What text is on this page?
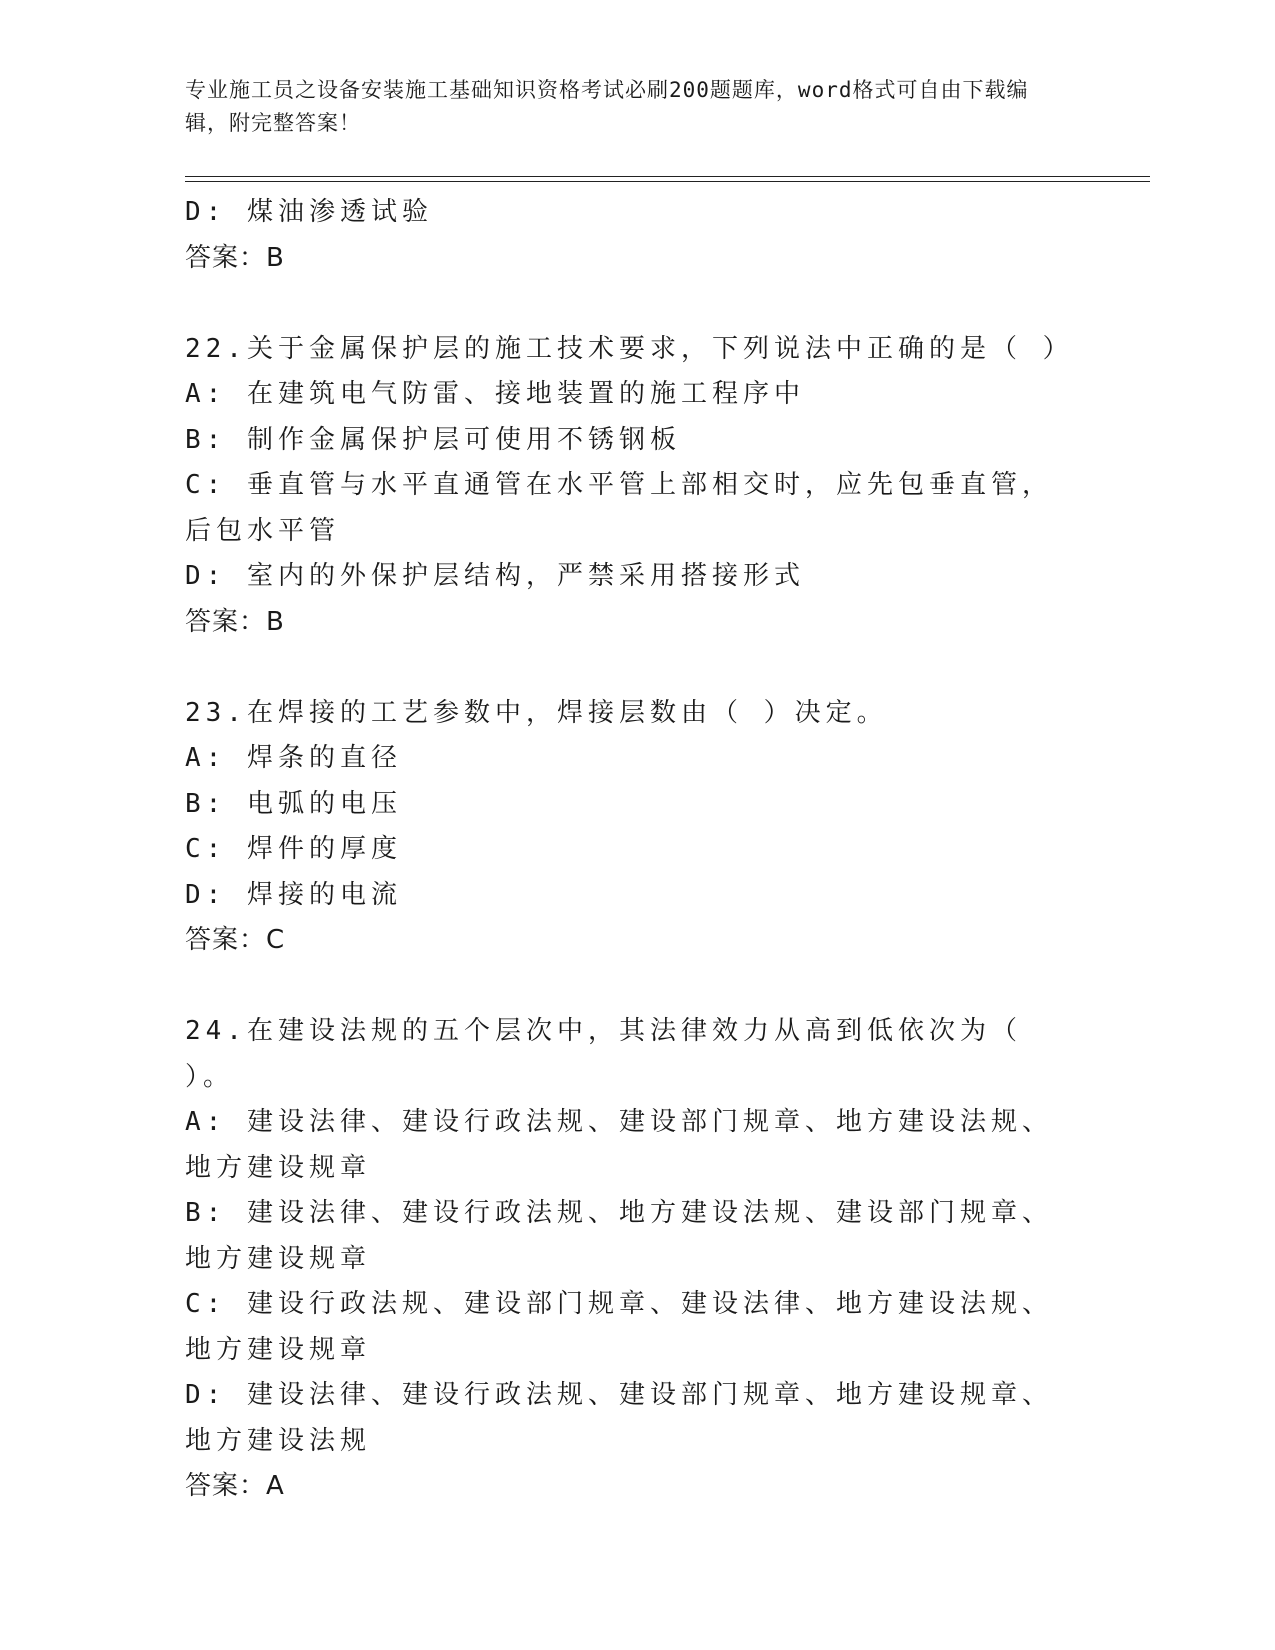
专业施工员之设备安装施工基础知识资格考试必刷200题题库，word格式可自由下载编辑，附完整答案！
D: 煤油渗透试验
答案：B
22.关于金属保护层的施工技术要求，下列说法中正确的是（ ）
A: 在建筑电气防雷、接地装置的施工程序中
B: 制作金属保护层可使用不锈钢板
C: 垂直管与水平直通管在水平管上部相交时，应先包垂直管，后包水平管
D: 室内的外保护层结构，严禁采用搭接形式
答案：B
23.在焊接的工艺参数中，焊接层数由（ ）决定。
A: 焊条的直径
B: 电弧的电压
C: 焊件的厚度
D: 焊接的电流
答案：C
24.在建设法规的五个层次中，其法律效力从高到低依次为（ ）。
A: 建设法律、建设行政法规、建设部门规章、地方建设法规、地方建设规章
B: 建设法律、建设行政法规、地方建设法规、建设部门规章、地方建设规章
C: 建设行政法规、建设部门规章、建设法律、地方建设法规、地方建设规章
D: 建设法律、建设行政法规、建设部门规章、地方建设规章、地方建设法规
答案：A
